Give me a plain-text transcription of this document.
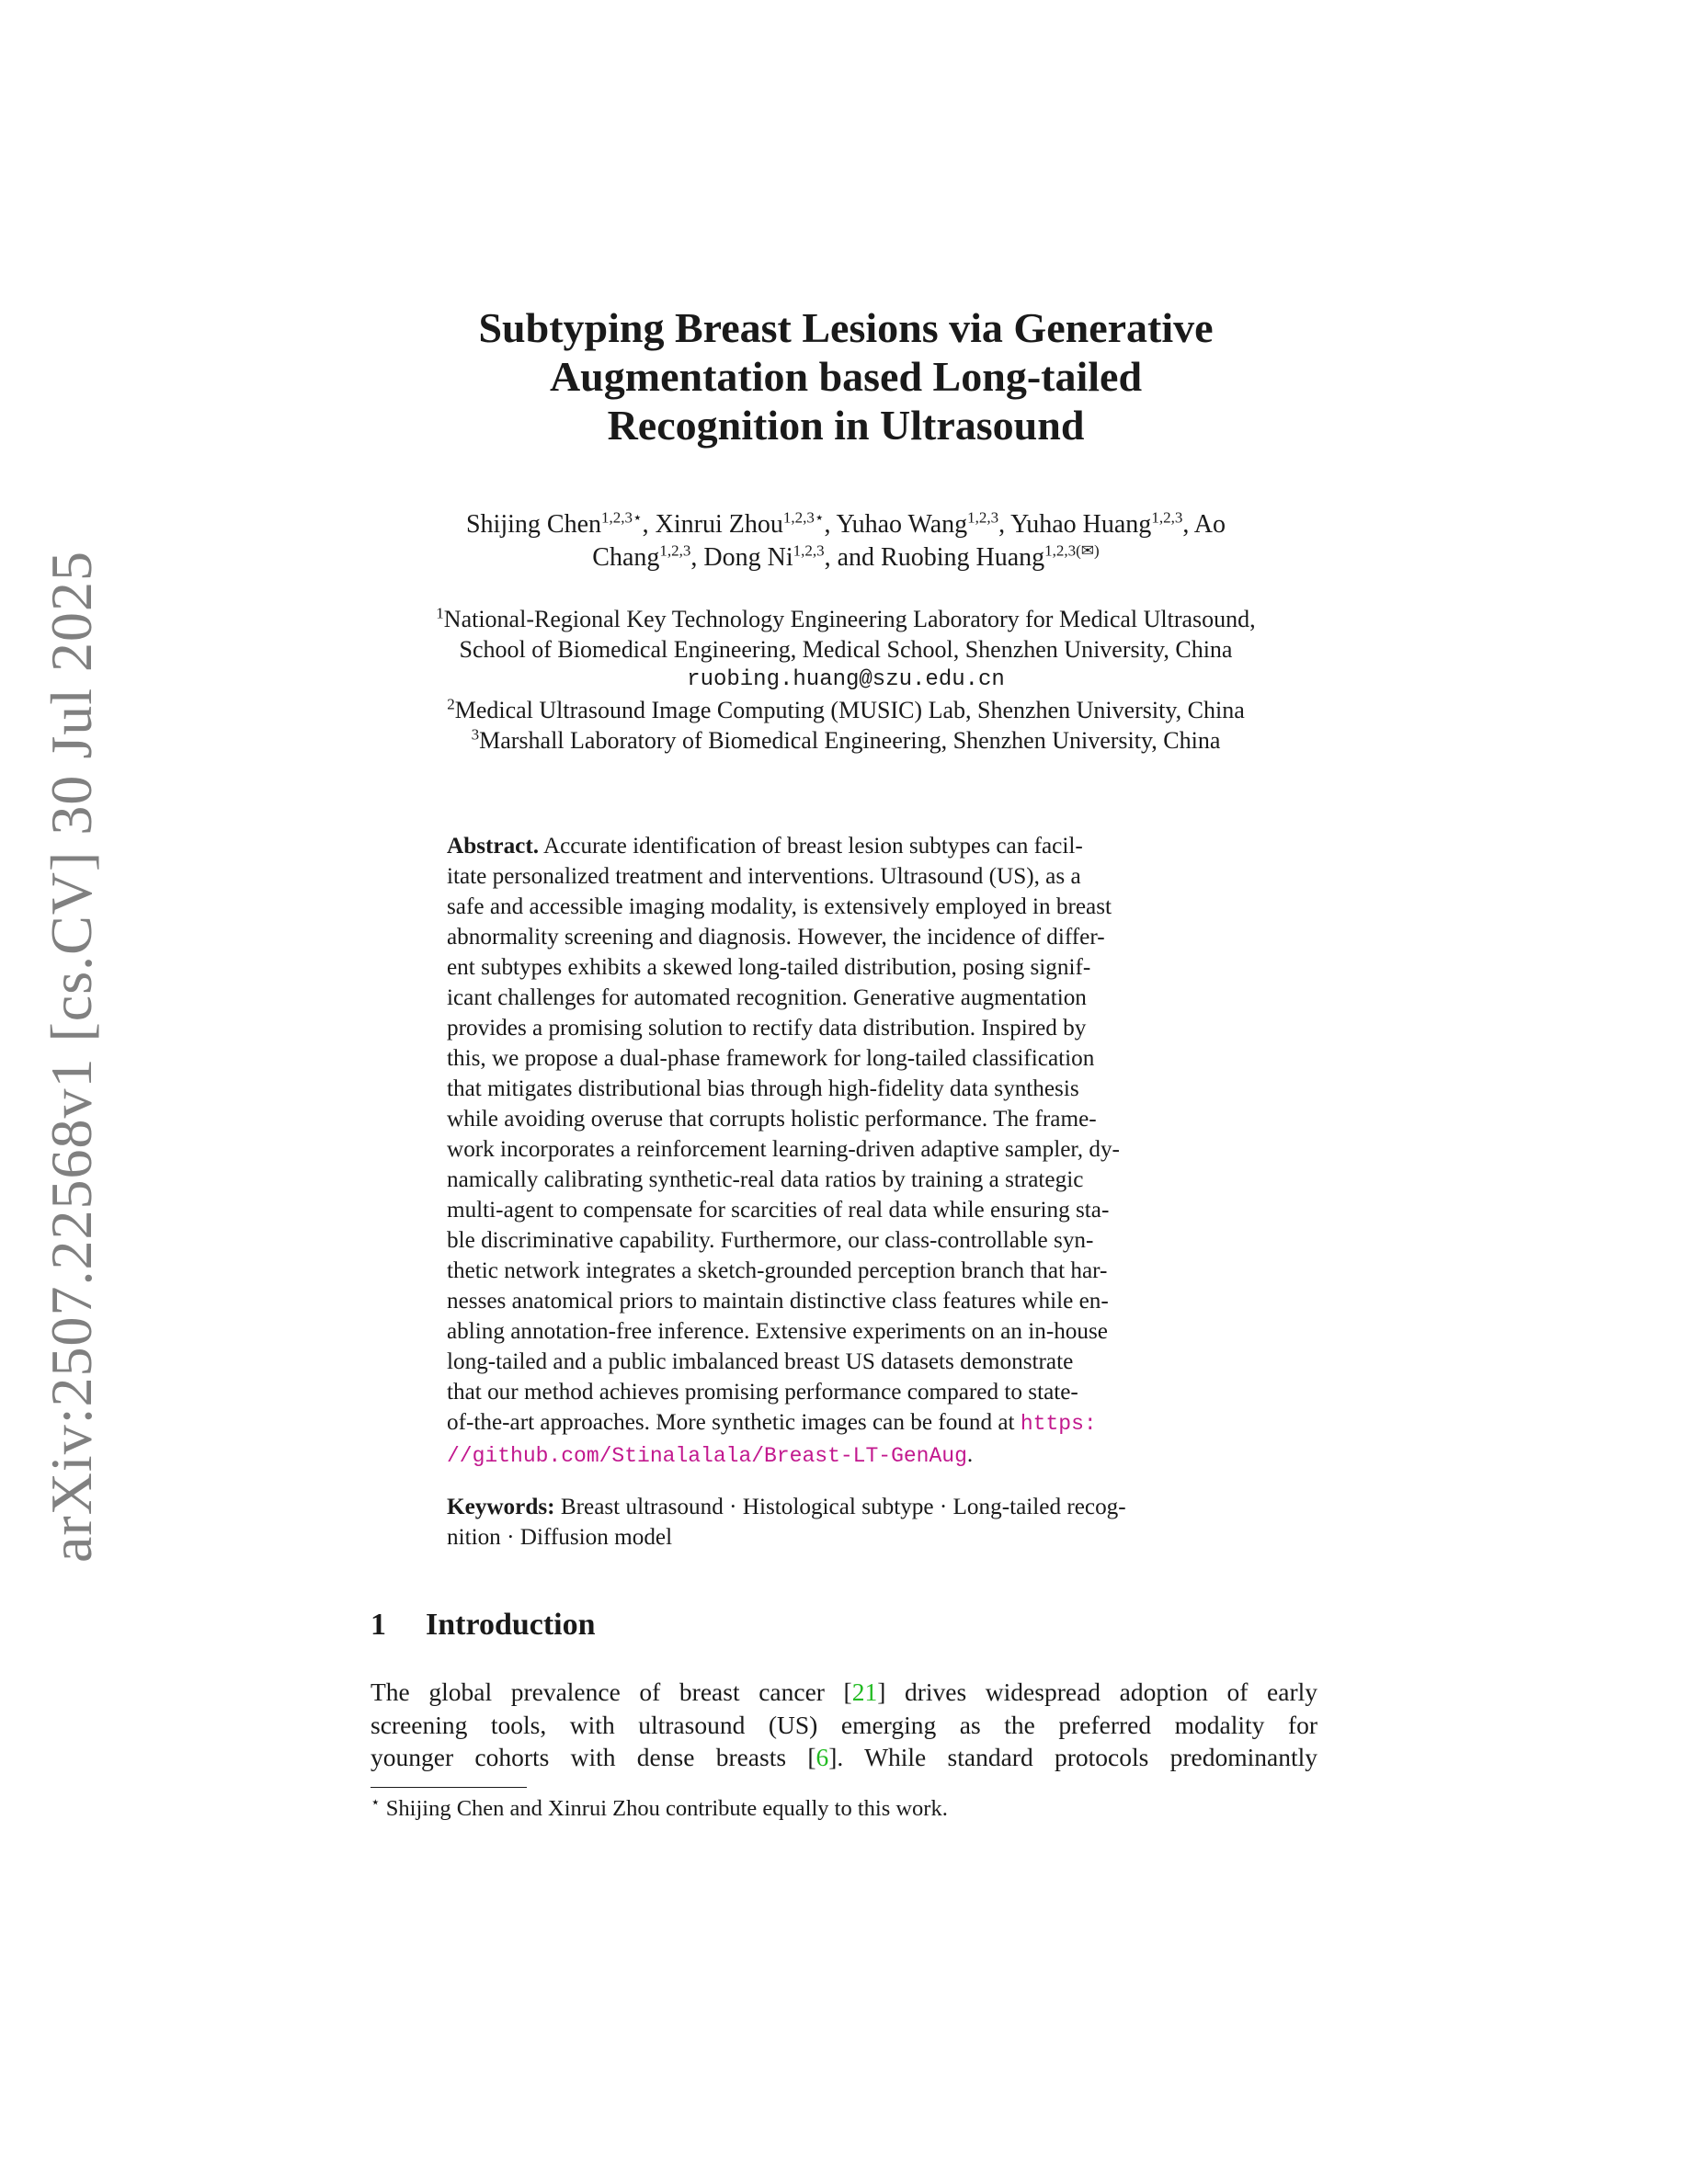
arXiv:2507.22568v1 [cs.CV] 30 Jul 2025
Subtyping Breast Lesions via Generative
Augmentation based Long-tailed
Recognition in Ultrasound
Shijing Chen$^{1,2,3⋆}$, Xinrui Zhou$^{1,2,3⋆}$, Yuhao Wang$^{1,2,3}$, Yuhao Huang$^{1,2,3}$, Ao
Chang$^{1,2,3}$, Dong Ni$^{1,2,3}$, and Ruobing Huang$^{1,2,3(✉)}$
$^1$National-Regional Key Technology Engineering Laboratory for Medical Ultrasound,
School of Biomedical Engineering, Medical School, Shenzhen University, China
ruobing.huang@szu.edu.cn
$^2$Medical Ultrasound Image Computing (MUSIC) Lab, Shenzhen University, China
$^3$Marshall Laboratory of Biomedical Engineering, Shenzhen University, China
Abstract. Accurate identification of breast lesion subtypes can facil-
itate personalized treatment and interventions. Ultrasound (US), as a
safe and accessible imaging modality, is extensively employed in breast
abnormality screening and diagnosis. However, the incidence of differ-
ent subtypes exhibits a skewed long-tailed distribution, posing signif-
icant challenges for automated recognition. Generative augmentation
provides a promising solution to rectify data distribution. Inspired by
this, we propose a dual-phase framework for long-tailed classification
that mitigates distributional bias through high-fidelity data synthesis
while avoiding overuse that corrupts holistic performance. The frame-
work incorporates a reinforcement learning-driven adaptive sampler, dy-
namically calibrating synthetic-real data ratios by training a strategic
multi-agent to compensate for scarcities of real data while ensuring sta-
ble discriminative capability. Furthermore, our class-controllable syn-
thetic network integrates a sketch-grounded perception branch that har-
nesses anatomical priors to maintain distinctive class features while en-
abling annotation-free inference. Extensive experiments on an in-house
long-tailed and a public imbalanced breast US datasets demonstrate
that our method achieves promising performance compared to state-
of-the-art approaches. More synthetic images can be found at https:
//github.com/Stinalalala/Breast-LT-GenAug.
Keywords: Breast ultrasound · Histological subtype · Long-tailed recog-
nition · Diffusion model
1 Introduction
The global prevalence of breast cancer [21] drives widespread adoption of early
screening tools, with ultrasound (US) emerging as the preferred modality for
younger cohorts with dense breasts [6]. While standard protocols predominantly
⋆ Shijing Chen and Xinrui Zhou contribute equally to this work.
